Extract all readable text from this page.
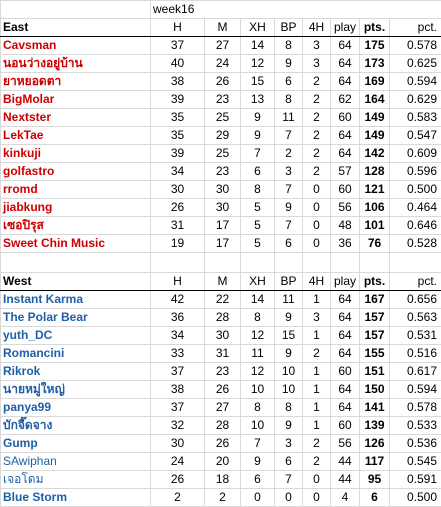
	week16							
East	H	M	XH	BP	4H	play	pts.	pct.
Cavsman	37	27	14	8	3	64	175	0.578
นอนว่างอยู่บ้าน	40	24	12	9	3	64	173	0.625
ยาหยอดตา	38	26	15	6	2	64	169	0.594
BigMolar	39	23	13	8	2	62	164	0.629
Nextster	35	25	9	11	2	60	149	0.583
LekTae	35	29	9	7	2	64	149	0.547
kinkuji	39	25	7	2	2	64	142	0.609
golfastro	34	23	6	3	2	57	128	0.596
rromd	30	30	8	7	0	60	121	0.500
jiabkung	26	30	5	9	0	56	106	0.464
เซอปิรุส	31	17	5	7	0	48	101	0.646
Sweet Chin Music	19	17	5	6	0	36	76	0.528

West	H	M	XH	BP	4H	play	pts.	pct.
Instant Karma	42	22	14	11	1	64	167	0.656
The Polar Bear	36	28	8	9	3	64	157	0.563
yuth_DC	34	30	12	15	1	64	157	0.531
Romancini	33	31	11	9	2	64	155	0.516
Rikrok	37	23	12	10	1	60	151	0.617
นายหมู่ใหญ่	38	26	10	10	1	64	150	0.594
panya99	37	27	8	8	1	64	141	0.578
บักจี๊ดจาง	32	28	10	9	1	60	139	0.533
Gump	30	26	7	3	2	56	126	0.536
SAwiphan	24	20	9	6	2	44	117	0.545
เจอโดม	26	18	6	7	0	44	95	0.591
Blue Storm	2	2	0	0	0	4	6	0.500
